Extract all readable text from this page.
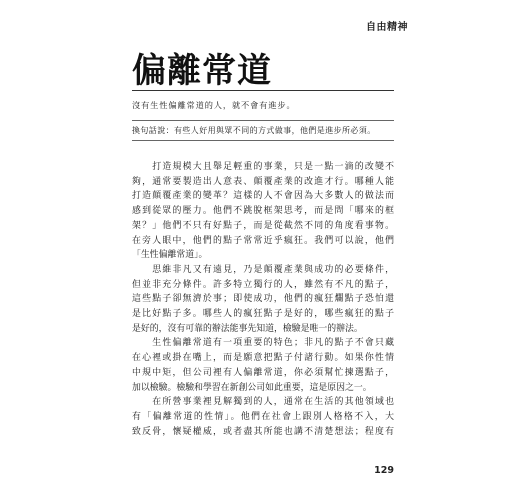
自由精神
偏離常道
沒有生性偏離常道的人，就不會有進步。
換句話說：有些人好用與眾不同的方式做事，他們是進步所必須。
　　打造規模大且舉足輕重的事業，只是一點一滴的改變不
夠，通常要製造出人意表、顛覆產業的改進才行。哪種人能
打造顛覆產業的變革？這樣的人不會因為大多數人的做法而
感到從眾的壓力。他們不跳脫框架思考，而是問「哪來的框
架？」他們不只有好點子，而是從截然不同的角度看事物。
在旁人眼中，他們的點子常常近乎瘋狂。我們可以說，他們
「生性偏離常道」。
　　思維非凡又有遠見，乃是顛覆產業與成功的必要條件，
但並非充分條件。許多特立獨行的人，雖然有不凡的點子，
這些點子卻無濟於事；即使成功，他們的瘋狂爛點子恐怕還
是比好點子多。哪些人的瘋狂點子是好的，哪些瘋狂的點子
是好的，沒有可靠的辦法能事先知道，檢驗是唯一的辦法。
　　生性偏離常道有一項重要的特色；非凡的點子不會只藏
在心裡或掛在嘴上，而是願意把點子付諸行動。如果你性情
中規中矩，但公司裡有人偏離常道，你必須幫忙揀選點子，
加以檢驗。檢驗和學習在新創公司如此重要，這是原因之一。
　　在所營事業裡見解獨到的人，通常在生活的其他領域也
有「偏離常道的性情」。他們在社會上跟別人格格不入，大
致反骨，懷疑權威，或者盡其所能也講不清楚想法；程度有
129
